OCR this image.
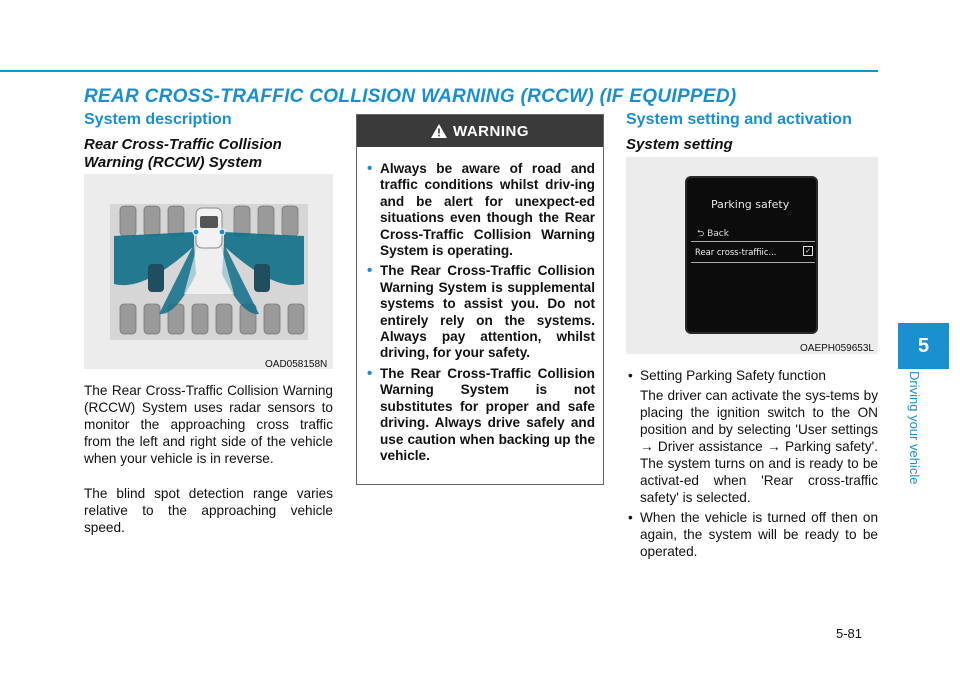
REAR CROSS-TRAFFIC COLLISION WARNING (RCCW) (IF EQUIPPED)
System description
Rear Cross-Traffic Collision Warning (RCCW) System
OAD058158N

The Rear Cross-Traffic Collision Warning (RCCW) System uses radar sensors to monitor the approaching cross traffic from the left and right side of the vehicle when your vehicle is in reverse.

The blind spot detection range varies relative to the approaching vehicle speed.

WARNING
• Always be aware of road and traffic conditions whilst driv-ing and be alert for unexpect-ed situations even though the Rear Cross-Traffic Collision Warning System is operating.
• The Rear Cross-Traffic Collision Warning System is supplemental systems to assist you. Do not entirely rely on the systems. Always pay attention, whilst driving, for your safety.
• The Rear Cross-Traffic Collision Warning System is not substitutes for proper and safe driving. Always drive safely and use caution when backing up the vehicle.
System setting and activation
System setting
Parking safety
⮌ Back
Rear cross-traffiic...	✓
OAEPH059653L
• Setting Parking Safety function
The driver can activate the sys-tems by placing the ignition switch to the ON position and by selecting 'User settings → Driver assistance → Parking safety'. The system turns on and is ready to be activat-ed when 'Rear cross-traffic safety' is selected.
• When the vehicle is turned off then on again, the system will be ready to be operated.
5
Driving your vehicle
5-81
